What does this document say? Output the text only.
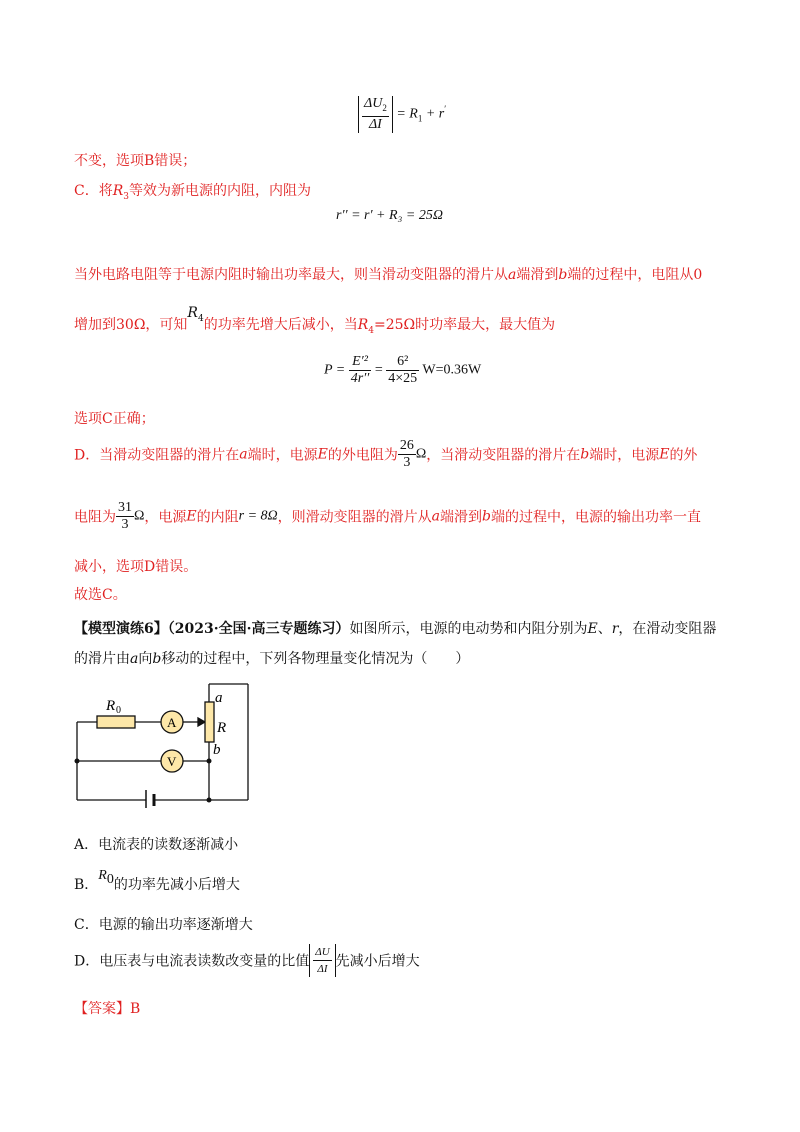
$\frac{\Delta U_2}{\Delta I} = R_1 + r'$
不变，选项B错误；
C．将$R_3$等效为新电源的内阻，内阻为
r′′ = r′ + R₃ = 25Ω
当外电路电阻等于电源内阻时输出功率最大，则当滑动变阻器的滑片从a端滑到b端的过程中，电阻从0
增加到30Ω，可知$R_4$的功率先增大后减小，当$R_4=25\Omega$时功率最大，最大值为
$P = \frac{\text{E′²}}{4r''} = \frac{\text{6²}}{4\times 25} W=0.36W$
选项C正确；
D．当滑动变阻器的滑片在a端时，电源E的外电阻为 $\frac{26}{3}$ Ω，当滑动变阻器的滑片在b端时，电源E的外
电阻为 $\frac{31}{3}$ Ω，电源E的内阻r = 8Ω，则滑动变阻器的滑片从a端滑到b端的过程中，电源的输出功率一直
减小，选项D错误。
故选C。
【模型演练6】（2023·全国·高三专题练习）如图所示，电源的电动势和内阻分别为E、r，在滑动变阻器
的滑片由a向b移动的过程中，下列各物理量变化情况为（　　）
R 0
A
V
R
a
b
A．电流表的读数逐渐减小
B．$R_0$的功率先减小后增大
C．电源的输出功率逐渐增大
D．电压表与电流表读数改变量的比值 $\frac{\Delta U}{\Delta I}$ 先减小后增大
【答案】B
